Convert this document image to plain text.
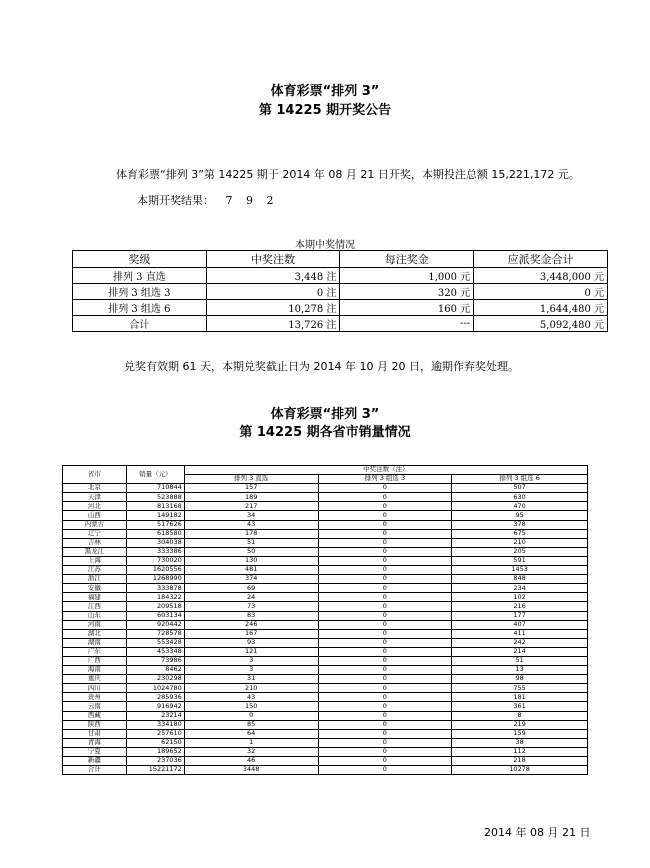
体育彩票“排列 3”
第 14225 期开奖公告
体育彩票“排列 3”第 14225 期于 2014 年 08 月 21 日开奖，本期投注总额 15,221,172 元。
本期开奖结果： 7 9 2
本期中奖情况
奖级	中奖注数	每注奖金	应派奖金合计
排列 3 直选	3,448 注	1,000 元	3,448,000 元
排列 3 组选 3	0 注	320 元	0 元
排列 3 组选 6	10,278 注	160 元	1,644,480 元
合计	13,726 注	---	5,092,480 元
兑奖有效期 61 天，本期兑奖截止日为 2014 年 10 月 20 日，逾期作弃奖处理。
体育彩票“排列 3”
第 14225 期各省市销量情况
省市	销量（元）	中奖注数（注）		
		排列 3 直选	排列 3 组选 3	排列 3 组选 6
北京	710844	157	0	507
天津	523888	189	0	630
河北	813168	217	0	470
山西	149182	34	0	95
内蒙古	517626	43	0	378
辽宁	618580	178	0	675
吉林	304038	51	0	210
黑龙江	333386	50	0	205
上海	730020	130	0	591
江苏	1620556	481	0	1453
浙江	1268990	374	0	848
安徽	333878	69	0	234
福建	184322	24	0	102
江西	209518	73	0	216
山东	603134	83	0	177
河南	920442	246	0	407
湖北	728578	167	0	411
湖南	553428	93	0	242
广东	453348	121	0	214
广西	73986	3	0	51
海南	8462	3	0	13
重庆	230298	31	0	98
四川	1024780	210	0	755
贵州	285936	43	0	181
云南	916942	150	0	361
西藏	23214	0	0	8
陕西	334180	85	0	219
甘肃	257610	64	0	159
青海	62150	1	0	38
宁夏	189652	32	0	112
新疆	237036	46	0	218
合计	15221172	3448	0	10278
2014 年 08 月 21 日
